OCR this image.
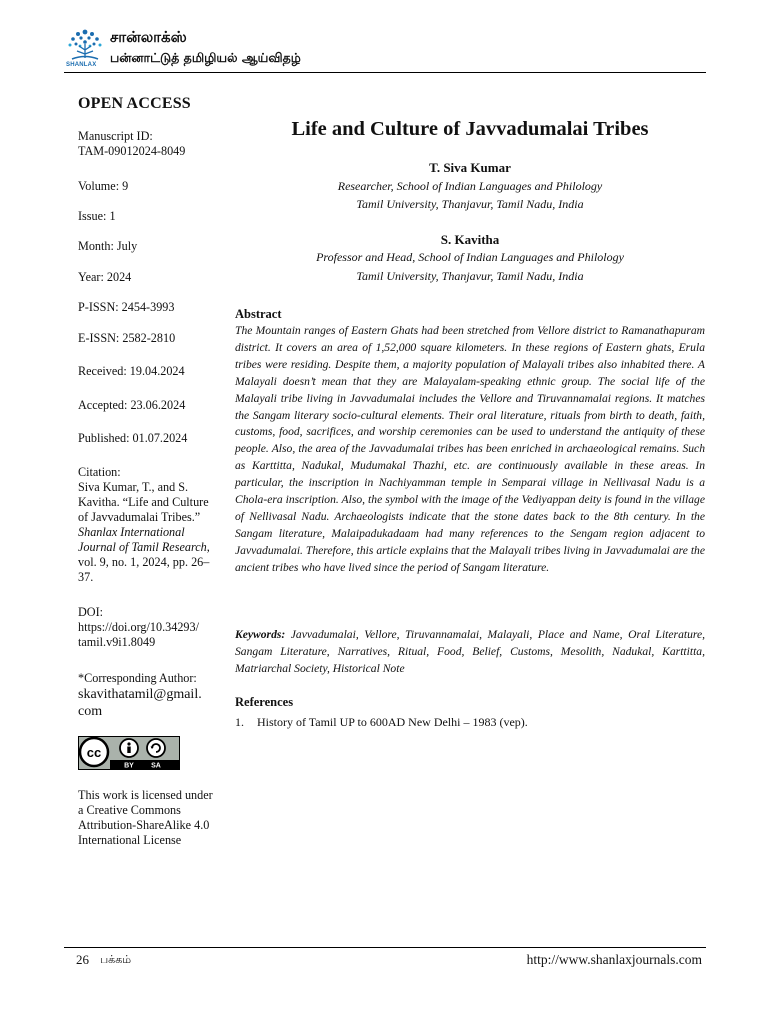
SHANLAX
சான்லாக்ஸ்
பன்னாட்டுத் தமிழியல் ஆய்விதழ்
OPEN ACCESS
Manuscript ID:
TAM-09012024-8049
Volume: 9
Issue: 1
Month: July
Year: 2024
P-ISSN: 2454-3993
E-ISSN: 2582-2810
Received: 19.04.2024
Accepted: 23.06.2024
Published: 01.07.2024
Citation:
Siva Kumar, T., and S. Kavitha. “Life and Culture of Javvadumalai Tribes.” Shanlax International Journal of Tamil Research, vol. 9, no. 1, 2024, pp. 26–37.
DOI:
https://doi.org/10.34293/
tamil.v9i1.8049
*Corresponding Author:
skavithatamil@gmail.
com
cc
BY SA
This work is licensed under a Creative Commons Attribution-ShareAlike 4.0 International License
Life and Culture of Javvadumalai Tribes
T. Siva Kumar
Researcher, School of Indian Languages and Philology
Tamil University, Thanjavur, Tamil Nadu, India
S. Kavitha
Professor and Head, School of Indian Languages and Philology
Tamil University, Thanjavur, Tamil Nadu, India
Abstract

The Mountain ranges of Eastern Ghats had been stretched from Vellore district to Ramanathapuram district. It covers an area of 1,52,000 square kilometers. In these regions of Eastern ghats, Erula tribes were residing. Despite them, a majority population of Malayali tribes also inhabited there. A Malayali doesn’t mean that they are Malayalam-speaking ethnic group. The social life of the Malayali tribe living in Javvadumalai includes the Vellore and Tiruvannamalai regions. It matches the Sangam literary socio-cultural elements. Their oral literature, rituals from birth to death, faith, customs, food, sacrifices, and worship ceremonies can be used to understand the antiquity of these people. Also, the area of the Javvadumalai tribes has been enriched in archaeological remains. Such as Karttitta, Nadukal, Mudumakal Thazhi, etc. are continuously available in these areas. In particular, the inscription in Nachiyamman temple in Semparai village in Nellivasal Nadu is a Chola-era inscription. Also, the symbol with the image of the Vediyappan deity is found in the village of Nellivasal Nadu. Archaeologists indicate that the stone dates back to the 8th century. In the Sangam literature, Malaipadukadaam had many references to the Sengam region adjacent to Javvadumalai. Therefore, this article explains that the Malayali tribes living in Javvadumalai are the ancient tribes who have lived since the period of Sangam literature.

Keywords: Javvadumalai, Vellore, Tiruvannamalai, Malayali, Place and Name, Oral Literature, Sangam Literature, Narratives, Ritual, Food, Belief, Customs, Mesolith, Nadukal, Karttitta, Matriarchal Society, Historical Note

References
1. History of Tamil UP to 600AD New Delhi – 1983 (vep).
26 பக்கம்	http://www.shanlaxjournals.com
